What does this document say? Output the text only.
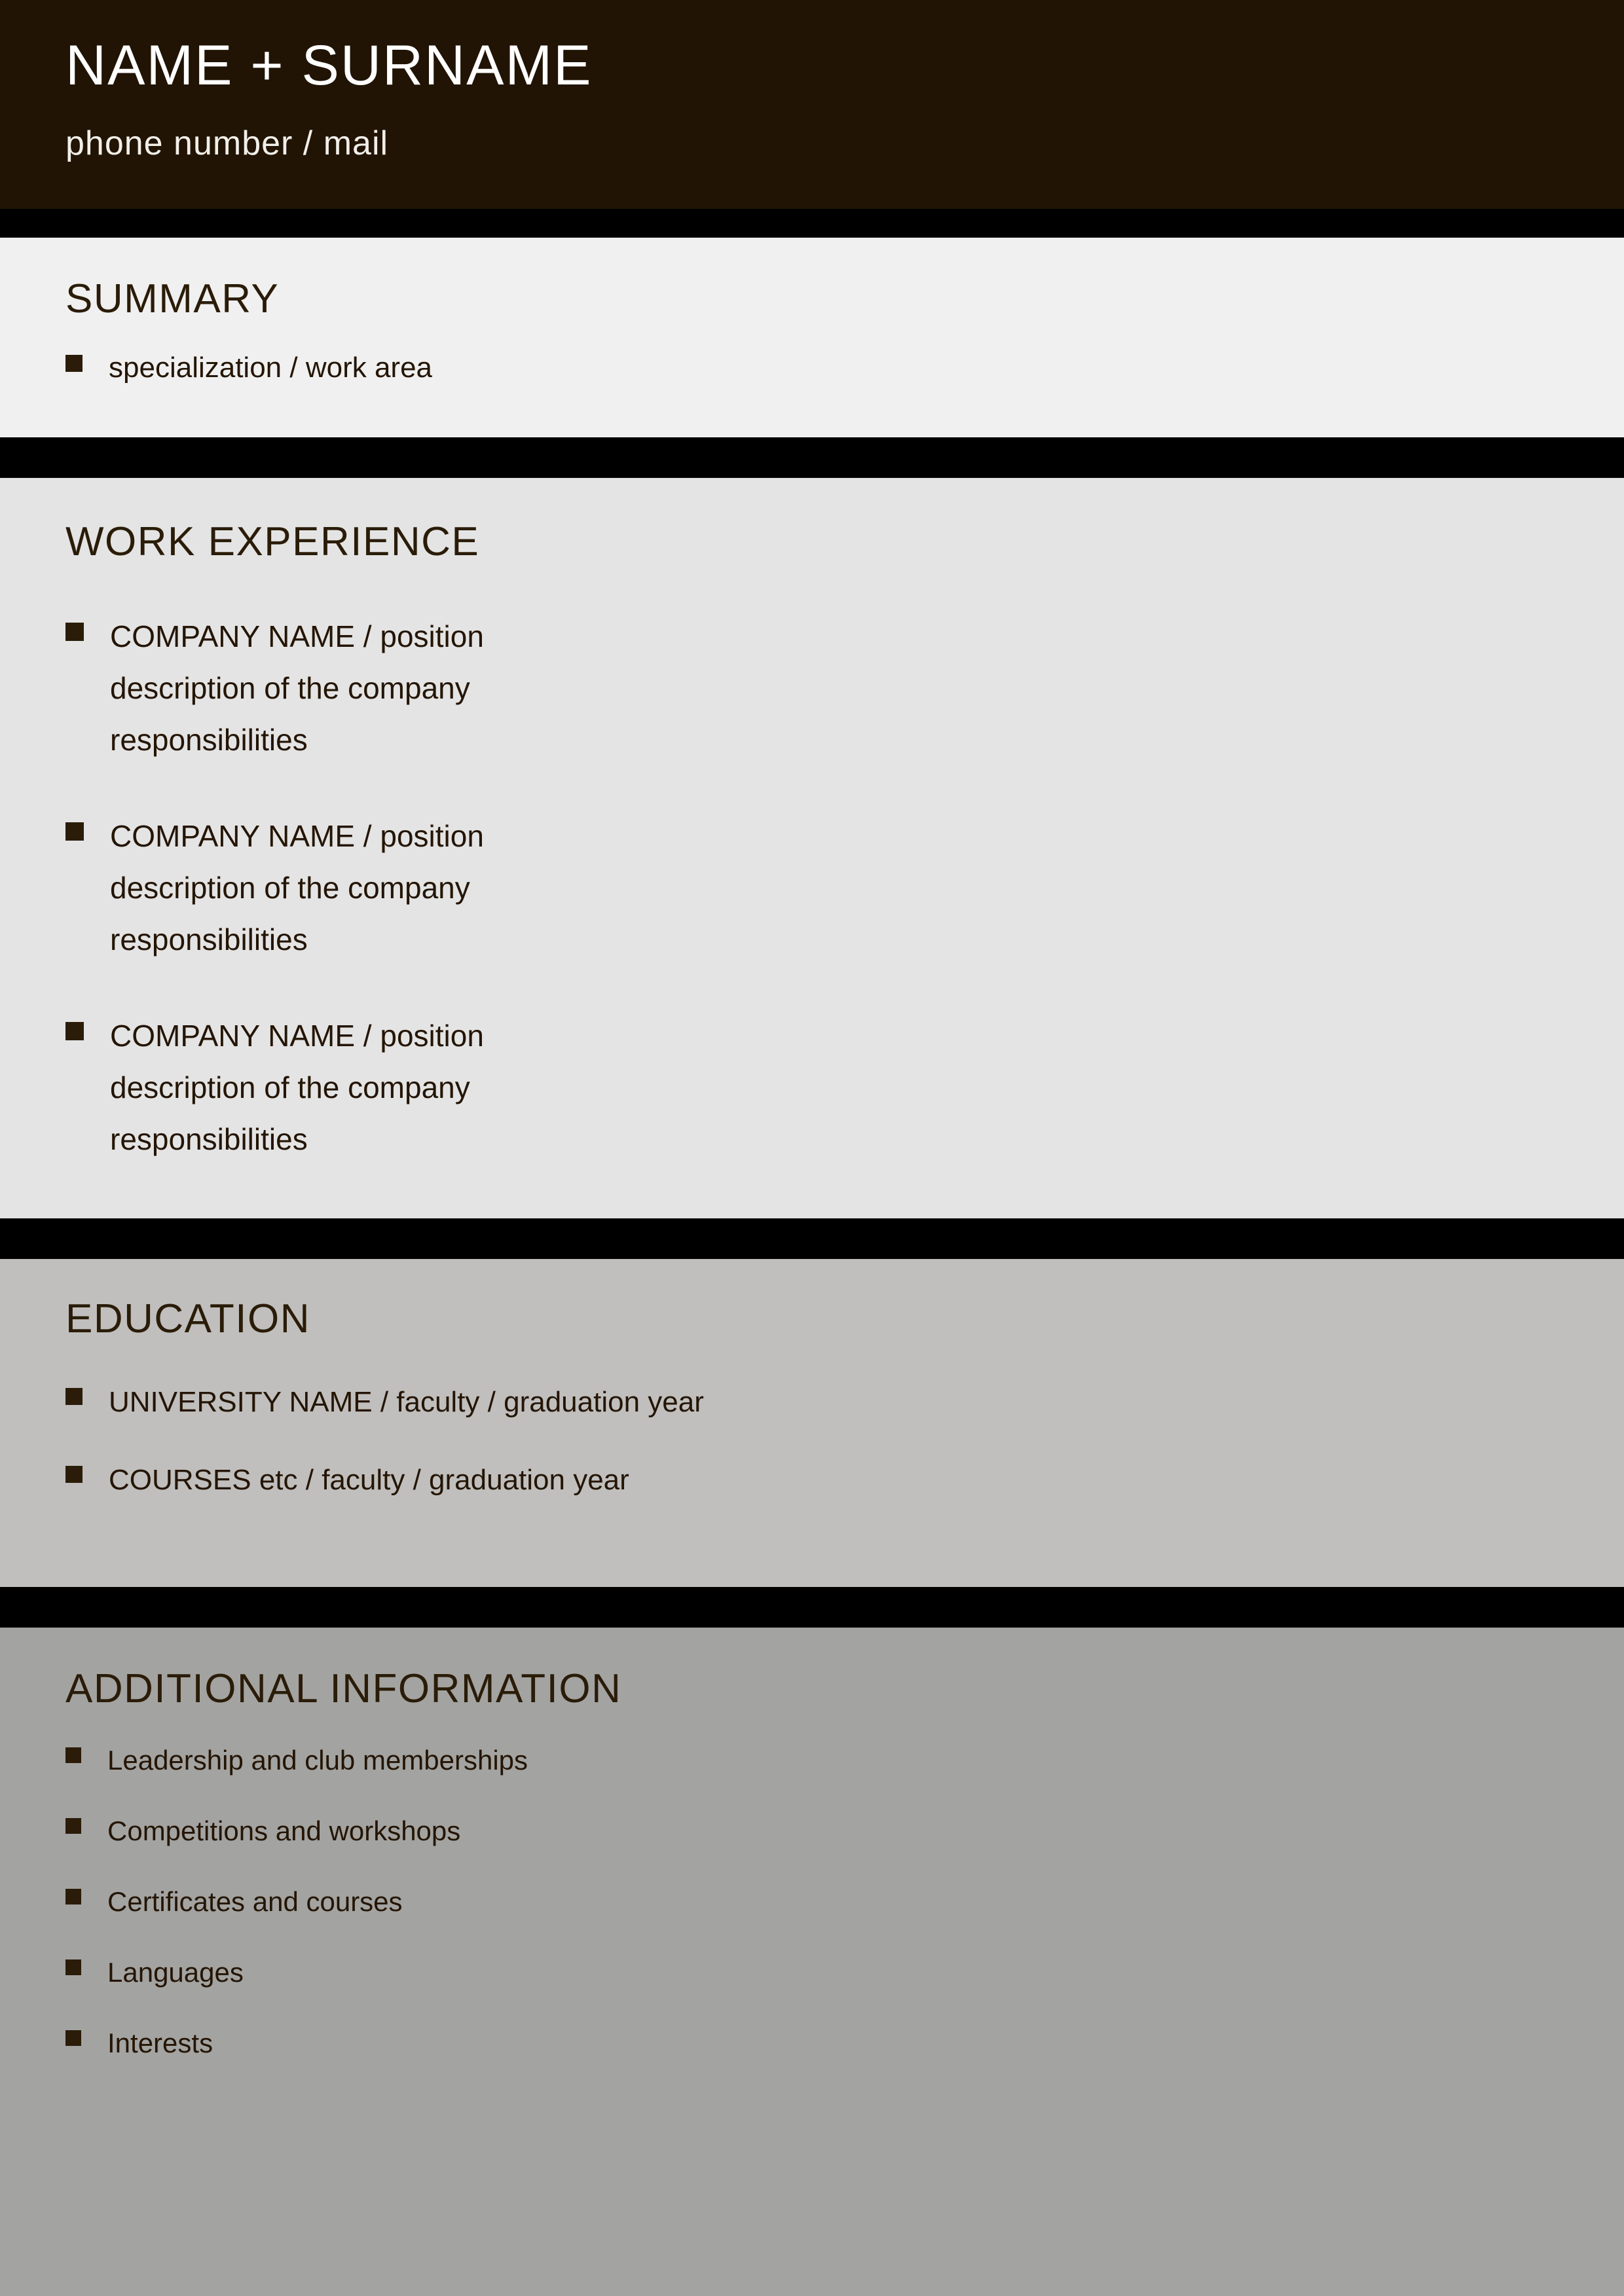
NAME + SURNAME

phone number / mail

SUMMARY
specialization / work area
WORK EXPERIENCE
COMPANY NAME / position
description of the company
responsibilities
COMPANY NAME / position
description of the company
responsibilities
COMPANY NAME / position
description of the company
responsibilities
EDUCATION
UNIVERSITY NAME / faculty / graduation year
COURSES etc / faculty / graduation year
ADDITIONAL INFORMATION
Leadership and club memberships
Competitions and workshops
Certificates and courses
Languages
Interests
